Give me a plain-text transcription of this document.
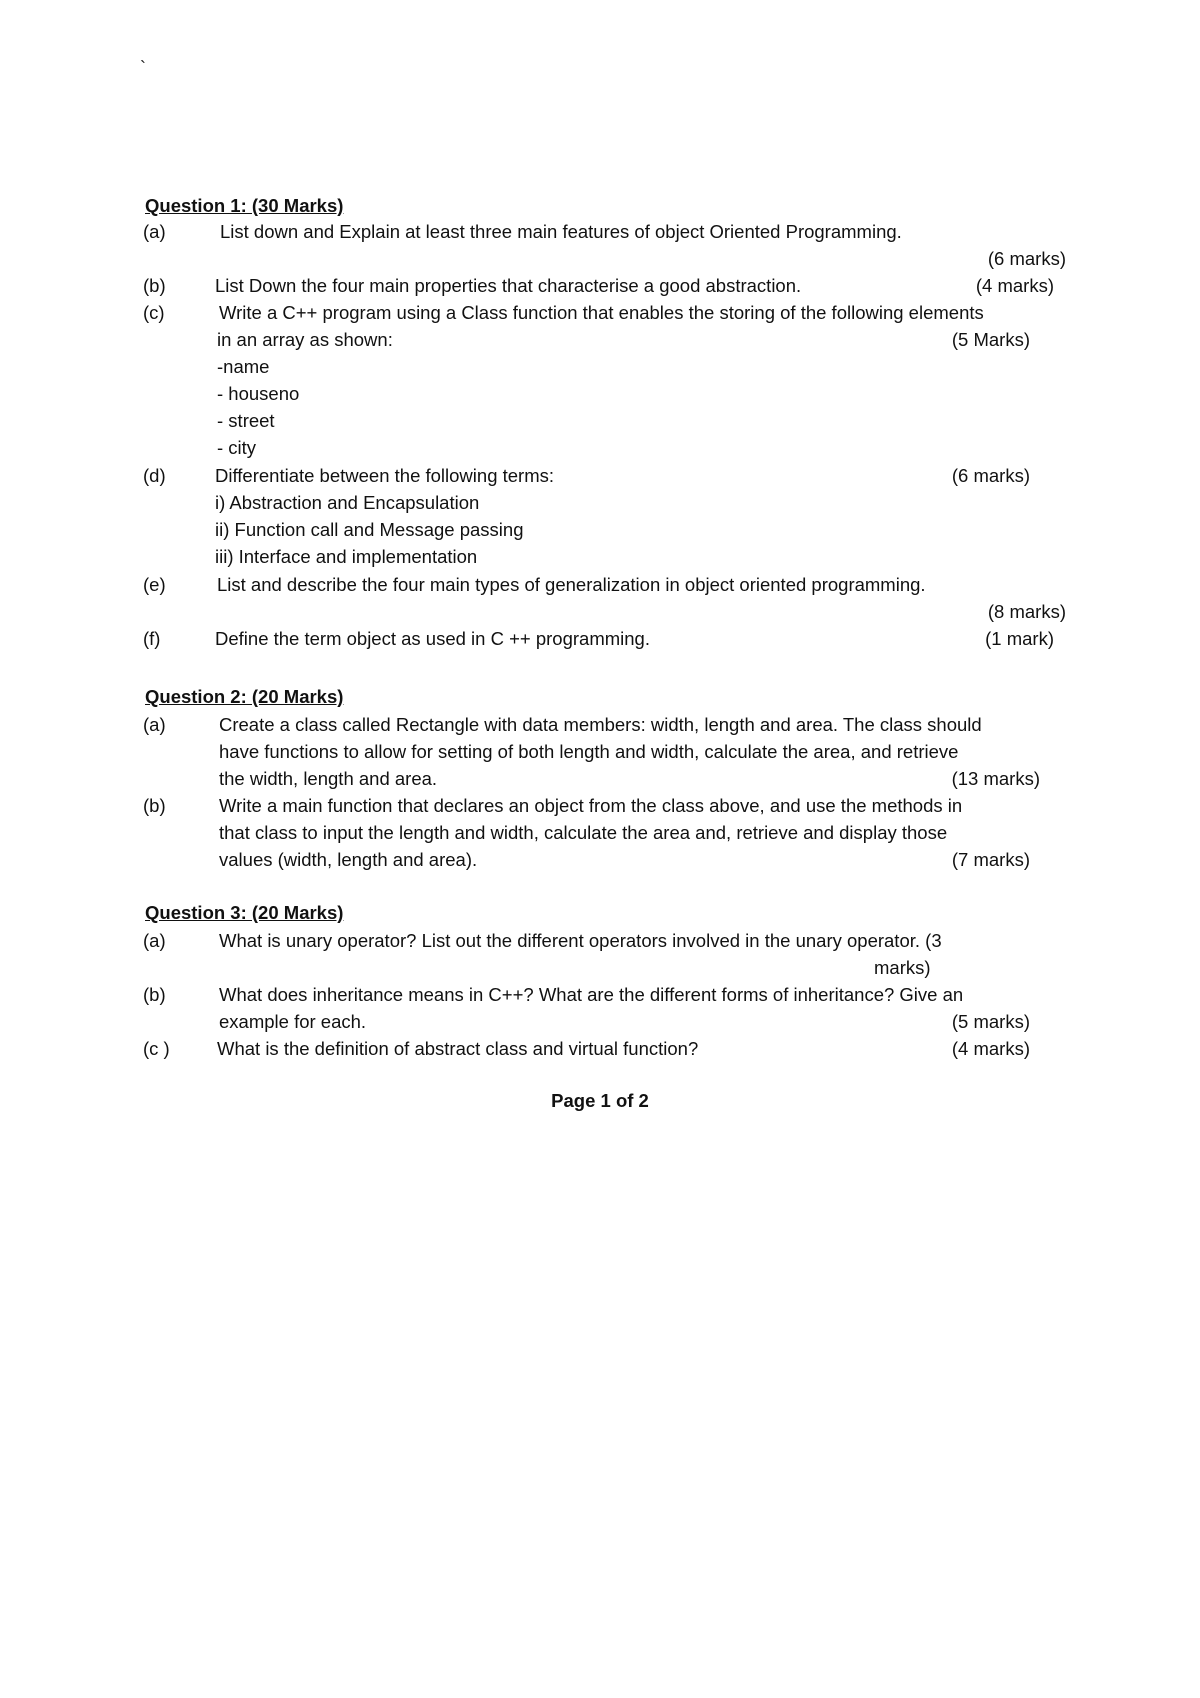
`
Question 1: (30 Marks)
(a)	List down and Explain at least three main features of object Oriented Programming.
(6 marks)
(b)	List Down the four main properties that characterise a good abstraction.	(4 marks)
(c)	Write a C++ program using a Class function that enables the storing of the following elements
in an array as shown:	(5 Marks)
-name
- houseno
- street
- city
(d)	Differentiate between the following terms:	(6 marks)
i) Abstraction and Encapsulation
ii) Function call and Message passing
iii) Interface and implementation
(e)	List and describe the four main types of generalization in object oriented programming.
(8 marks)
(f)	Define the term object as used in C ++ programming.	(1 mark)
Question 2: (20 Marks)
(a)	Create a class called Rectangle with data members: width, length and area. The class should
have functions to allow for setting of both length and width, calculate the area, and retrieve
the width, length and area.	(13 marks)
(b)	Write a main function that declares an object from the class above, and use the methods in
that class to input the length and width, calculate the area and, retrieve and display those
values (width, length and area).	(7 marks)
Question 3: (20 Marks)
(a)	What is unary operator? List out the different operators involved in the unary operator. (3
marks)
(b)	What does inheritance means in C++? What are the different forms of inheritance? Give an
example for each.	(5 marks)
(c )	What is the definition of abstract class and virtual function?	(4 marks)
Page 1 of 2
